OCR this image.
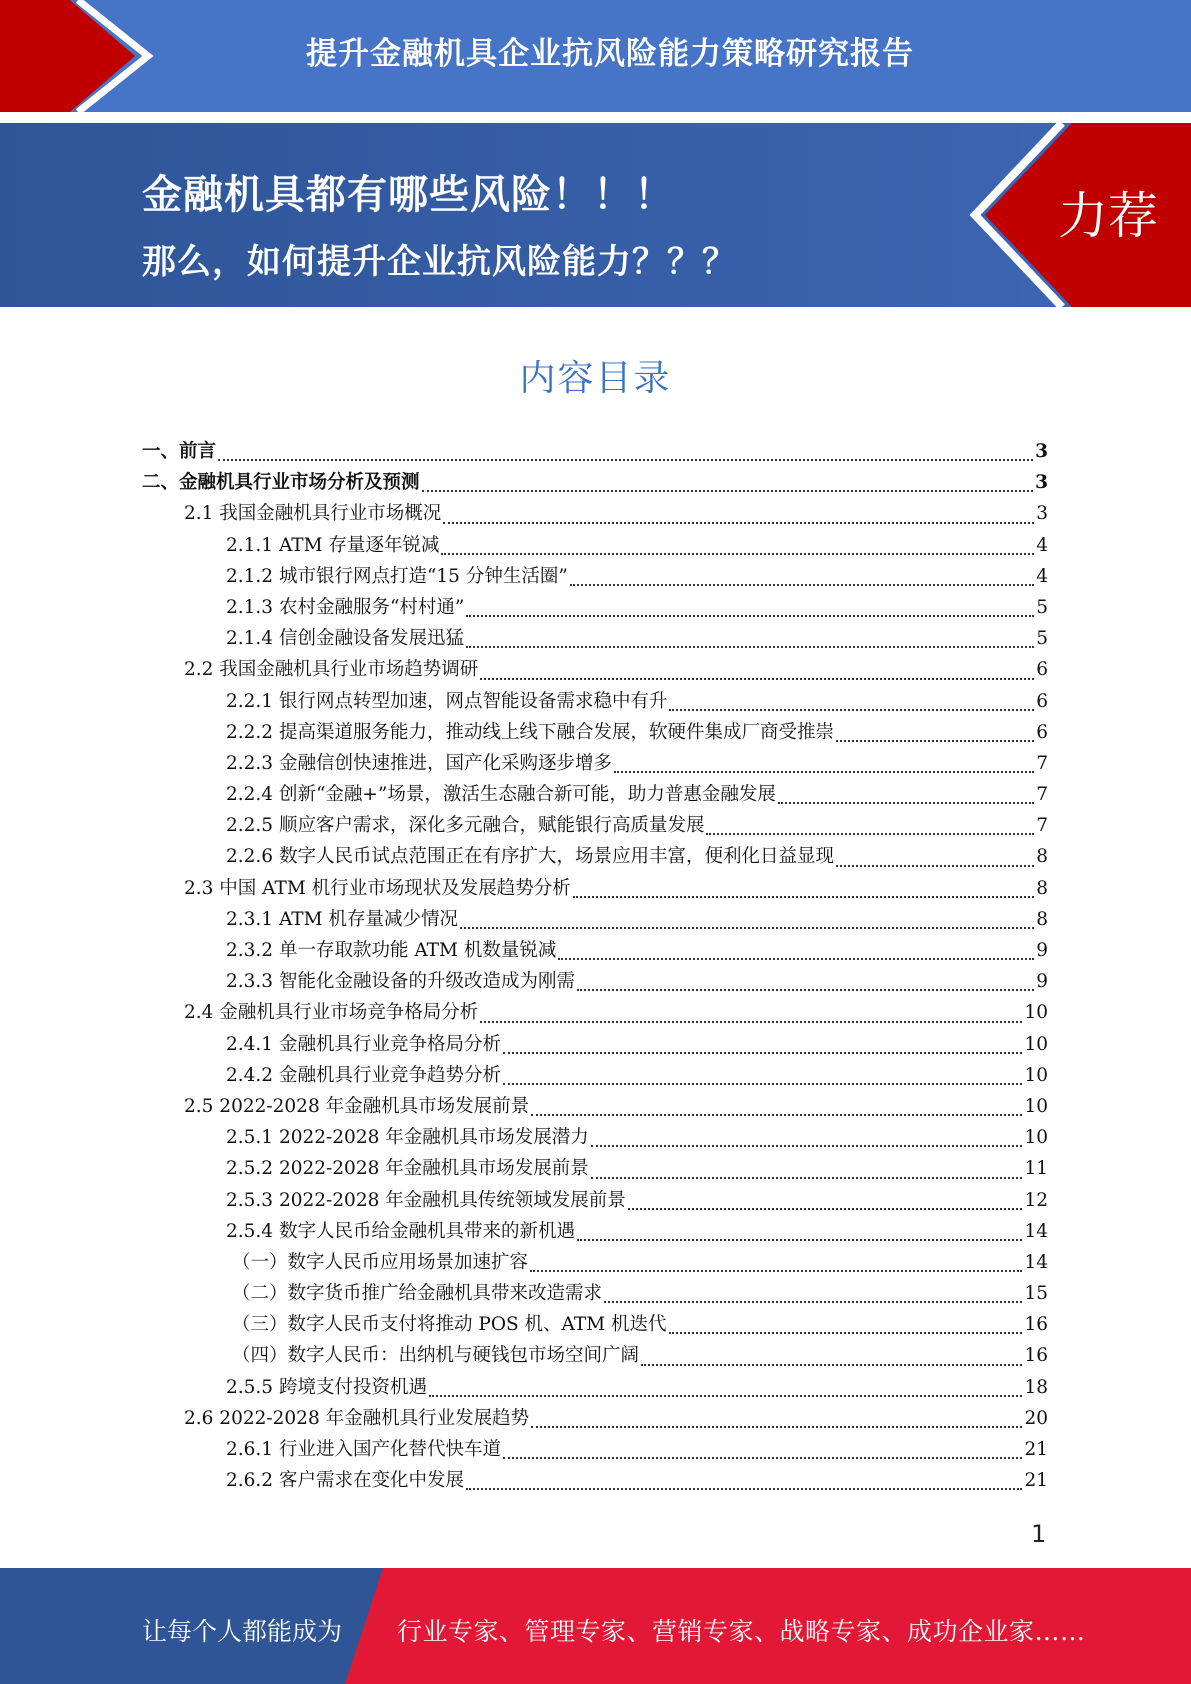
提升金融机具企业抗风险能力策略研究报告
金融机具都有哪些风险！！！
那么，如何提升企业抗风险能力？？？
力荐
内容目录
一、前言	3
二、金融机具行业市场分析及预测	3
2.1 我国金融机具行业市场概况	3
2.1.1 ATM 存量逐年锐减	4
2.1.2 城市银行网点打造“15 分钟生活圈”	4
2.1.3 农村金融服务“村村通”	5
2.1.4 信创金融设备发展迅猛	5
2.2 我国金融机具行业市场趋势调研	6
2.2.1 银行网点转型加速，网点智能设备需求稳中有升	6
2.2.2 提高渠道服务能力，推动线上线下融合发展，软硬件集成厂商受推崇	6
2.2.3 金融信创快速推进，国产化采购逐步增多	7
2.2.4 创新“金融+”场景，激活生态融合新可能，助力普惠金融发展	7
2.2.5 顺应客户需求，深化多元融合，赋能银行高质量发展	7
2.2.6 数字人民币试点范围正在有序扩大，场景应用丰富，便利化日益显现	8
2.3 中国 ATM 机行业市场现状及发展趋势分析	8
2.3.1 ATM 机存量减少情况	8
2.3.2 单一存取款功能 ATM 机数量锐减	9
2.3.3 智能化金融设备的升级改造成为刚需	9
2.4 金融机具行业市场竞争格局分析	10
2.4.1 金融机具行业竞争格局分析	10
2.4.2 金融机具行业竞争趋势分析	10
2.5 2022-2028 年金融机具市场发展前景	10
2.5.1 2022-2028 年金融机具市场发展潜力	10
2.5.2 2022-2028 年金融机具市场发展前景	11
2.5.3 2022-2028 年金融机具传统领域发展前景	12
2.5.4 数字人民币给金融机具带来的新机遇	14
（一）数字人民币应用场景加速扩容	14
（二）数字货币推广给金融机具带来改造需求	15
（三）数字人民币支付将推动 POS 机、ATM 机迭代	16
（四）数字人民币：出纳机与硬钱包市场空间广阔	16
2.5.5 跨境支付投资机遇	18
2.6 2022-2028 年金融机具行业发展趋势	20
2.6.1 行业进入国产化替代快车道	21
2.6.2 客户需求在变化中发展	21
1
让每个人都能成为 行业专家、管理专家、营销专家、战略专家、成功企业家……
